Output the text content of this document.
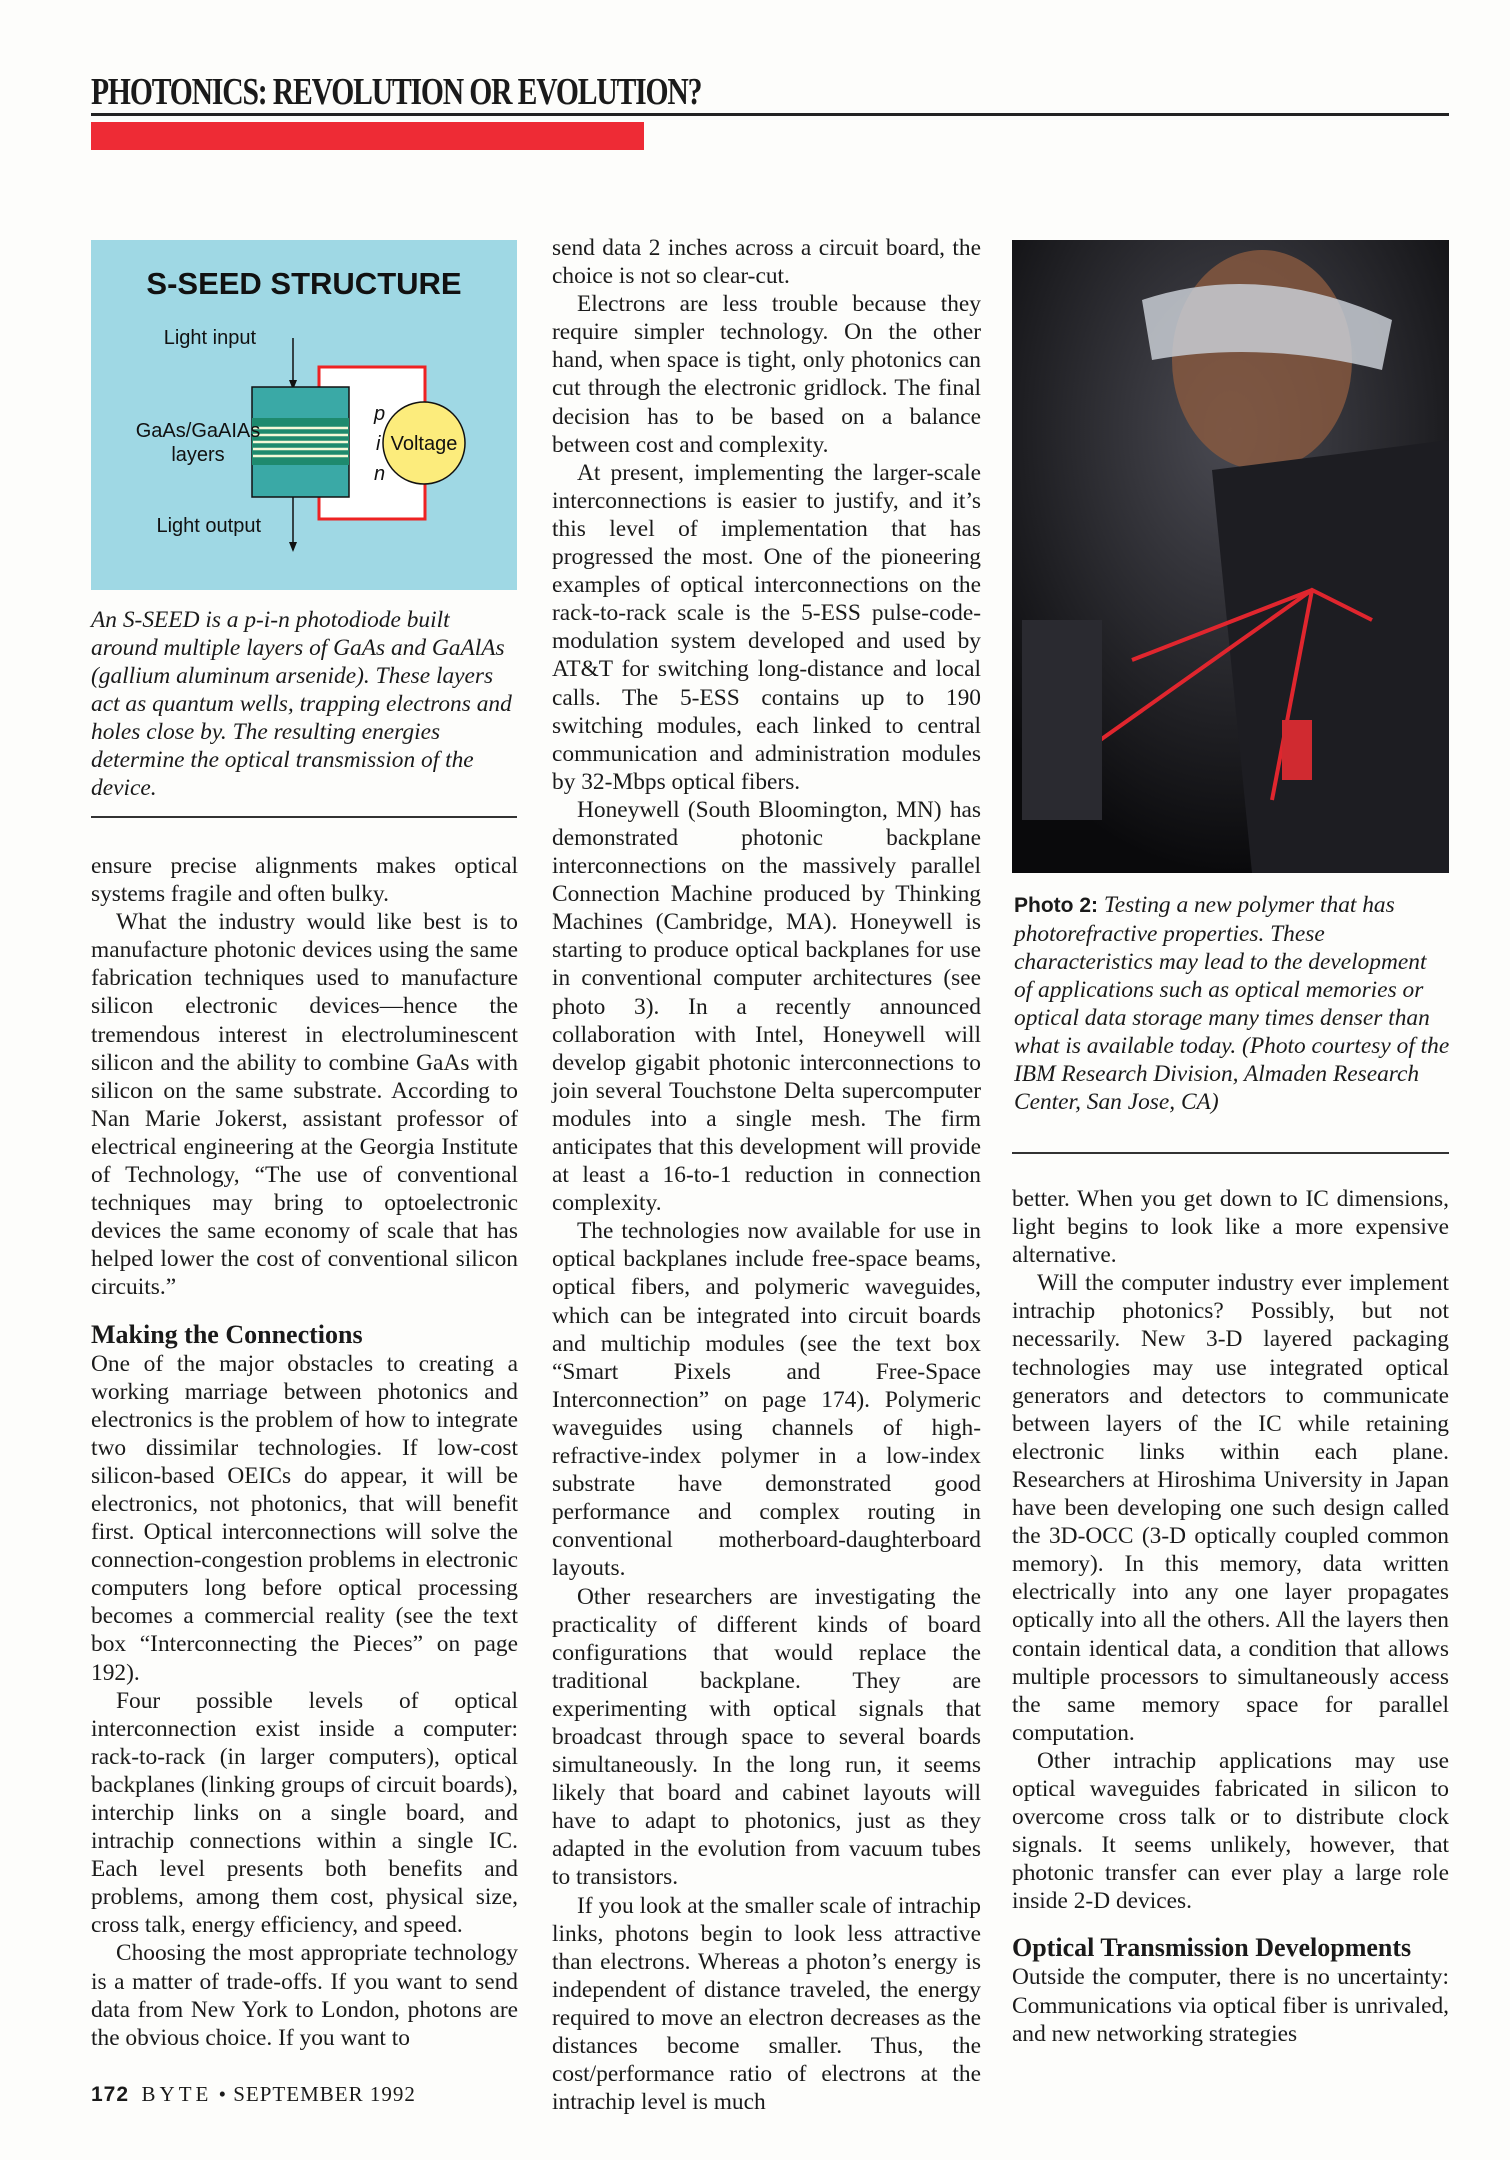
PHOTONICS: REVOLUTION OR EVOLUTION?
S-SEED STRUCTURE
Light input
GaAs/GaAIAs
layers
p
i
n
Voltage
Light output
An S-SEED is a p-i-n photodiode built around multiple layers of GaAs and GaAlAs (gallium aluminum arsenide). These layers act as quantum wells, trapping electrons and holes close by. The resulting energies determine the optical transmission of the device.

ensure precise alignments makes optical systems fragile and often bulky.

What the industry would like best is to manufacture photonic devices using the same fabrication techniques used to manufacture silicon electronic devices—hence the tremendous interest in electroluminescent silicon and the ability to combine GaAs with silicon on the same substrate. According to Nan Marie Jokerst, assistant professor of electrical engineering at the Georgia Institute of Technology, “The use of conventional techniques may bring to optoelectronic devices the same economy of scale that has helped lower the cost of conventional silicon circuits.”

Making the Connections

One of the major obstacles to creating a working marriage between photonics and electronics is the problem of how to integrate two dissimilar technologies. If low-cost silicon-based OEICs do appear, it will be electronics, not photonics, that will benefit first. Optical interconnections will solve the connection-congestion problems in electronic computers long before optical processing becomes a commercial reality (see the text box “Interconnecting the Pieces” on page 192).

Four possible levels of optical interconnection exist inside a computer: rack-to-rack (in larger computers), optical backplanes (linking groups of circuit boards), interchip links on a single board, and intrachip connections within a single IC. Each level presents both benefits and problems, among them cost, physical size, cross talk, energy efficiency, and speed.

Choosing the most appropriate technology is a matter of trade-offs. If you want to send data from New York to London, photons are the obvious choice. If you want to

send data 2 inches across a circuit board, the choice is not so clear-cut.

Electrons are less trouble because they require simpler technology. On the other hand, when space is tight, only photonics can cut through the electronic gridlock. The final decision has to be based on a balance between cost and complexity.

At present, implementing the larger-scale interconnections is easier to justify, and it’s this level of implementation that has progressed the most. One of the pioneering examples of optical interconnections on the rack-to-rack scale is the 5-ESS pulse-code-modulation system developed and used by AT&T for switching long-distance and local calls. The 5-ESS contains up to 190 switching modules, each linked to central communication and administration modules by 32-Mbps optical fibers.

Honeywell (South Bloomington, MN) has demonstrated photonic backplane interconnections on the massively parallel Connection Machine produced by Thinking Machines (Cambridge, MA). Honeywell is starting to produce optical backplanes for use in conventional computer architectures (see photo 3). In a recently announced collaboration with Intel, Honeywell will develop gigabit photonic interconnections to join several Touchstone Delta supercomputer modules into a single mesh. The firm anticipates that this development will provide at least a 16-to-1 reduction in connection complexity.

The technologies now available for use in optical backplanes include free-space beams, optical fibers, and polymeric waveguides, which can be integrated into circuit boards and multichip modules (see the text box “Smart Pixels and Free-Space Interconnection” on page 174). Polymeric waveguides using channels of high-refractive-index polymer in a low-index substrate have demonstrated good performance and complex routing in conventional motherboard-daughterboard layouts.

Other researchers are investigating the practicality of different kinds of board configurations that would replace the traditional backplane. They are experimenting with optical signals that broadcast through space to several boards simultaneously. In the long run, it seems likely that board and cabinet layouts will have to adapt to photonics, just as they adapted in the evolution from vacuum tubes to transistors.

If you look at the smaller scale of intrachip links, photons begin to look less attractive than electrons. Whereas a photon’s energy is independent of distance traveled, the energy required to move an electron decreases as the distances become smaller. Thus, the cost/performance ratio of electrons at the intrachip level is much

Photo 2: Testing a new polymer that has photorefractive properties. These characteristics may lead to the development of applications such as optical memories or optical data storage many times denser than what is available today. (Photo courtesy of the IBM Research Division, Almaden Research Center, San Jose, CA)

better. When you get down to IC dimensions, light begins to look like a more expensive alternative.

Will the computer industry ever implement intrachip photonics? Possibly, but not necessarily. New 3-D layered packaging technologies may use integrated optical generators and detectors to communicate between layers of the IC while retaining electronic links within each plane. Researchers at Hiroshima University in Japan have been developing one such design called the 3D-OCC (3-D optically coupled common memory). In this memory, data written electrically into any one layer propagates optically into all the others. All the layers then contain identical data, a condition that allows multiple processors to simultaneously access the same memory space for parallel computation.

Other intrachip applications may use optical waveguides fabricated in silicon to overcome cross talk or to distribute clock signals. It seems unlikely, however, that photonic transfer can ever play a large role inside 2-D devices.

Optical Transmission Developments

Outside the computer, there is no uncertainty: Communications via optical fiber is unrivaled, and new networking strategies

172 BYTE • SEPTEMBER 1992
